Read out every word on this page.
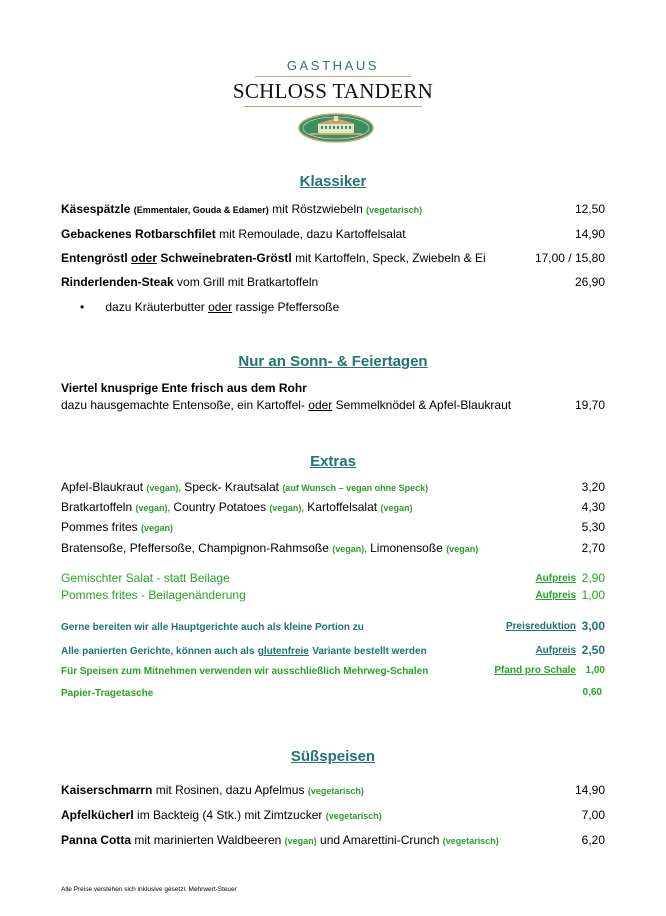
GASTHAUS
SCHLOSS TANDERN
Klassiker
Käsespätzle (Emmentaler, Gouda & Edamer) mit Röstzwiebeln (vegetarisch)	12,50
Gebackenes Rotbarschfilet mit Remoulade, dazu Kartoffelsalat	14,90
Entengröstl oder Schweinebraten-Gröstl mit Kartoffeln, Speck, Zwiebeln & Ei	17,00 / 15,80
Rinderlenden-Steak vom Grill mit Bratkartoffeln	26,90
• dazu Kräuterbutter oder rassige Pfeffersoße
Nur an Sonn- & Feiertagen
Viertel knusprige Ente frisch aus dem Rohr
dazu hausgemachte Entensoße, ein Kartoffel- oder Semmelknödel & Apfel-Blaukraut	19,70
Extras
Apfel-Blaukraut (vegan), Speck- Krautsalat (auf Wunsch – vegan ohne Speck)	3,20
Bratkartoffeln (vegan), Country Potatoes (vegan), Kartoffelsalat (vegan)	4,30
Pommes frites (vegan)	5,30
Bratensoße, Pfeffersoße, Champignon-Rahmsoße (vegan), Limonensoße (vegan)	2,70
Gemischter Salat - statt Beilage	Aufpreis 2,90
Pommes frites - Beilagenänderung	Aufpreis 1,00
Gerne bereiten wir alle Hauptgerichte auch als kleine Portion zu	Preisreduktion 3,00
Alle panierten Gerichte, können auch als glutenfreie Variante bestellt werden	Aufpreis 2,50
Für Speisen zum Mitnehmen verwenden wir ausschließlich Mehrweg-Schalen	Pfand pro Schale 1,00
Papier-Tragetasche	0,60
Süßspeisen
Kaiserschmarrn mit Rosinen, dazu Apfelmus (vegetarisch)	14,90
Apfelkücherl im Backteig (4 Stk.) mit Zimtzucker (vegetarisch)	7,00
Panna Cotta mit marinierten Waldbeeren (vegan) und Amarettini-Crunch (vegetarisch)	6,20
Alle Preise verstehen sich inklusive gesetzl. Mehrwert-Steuer
